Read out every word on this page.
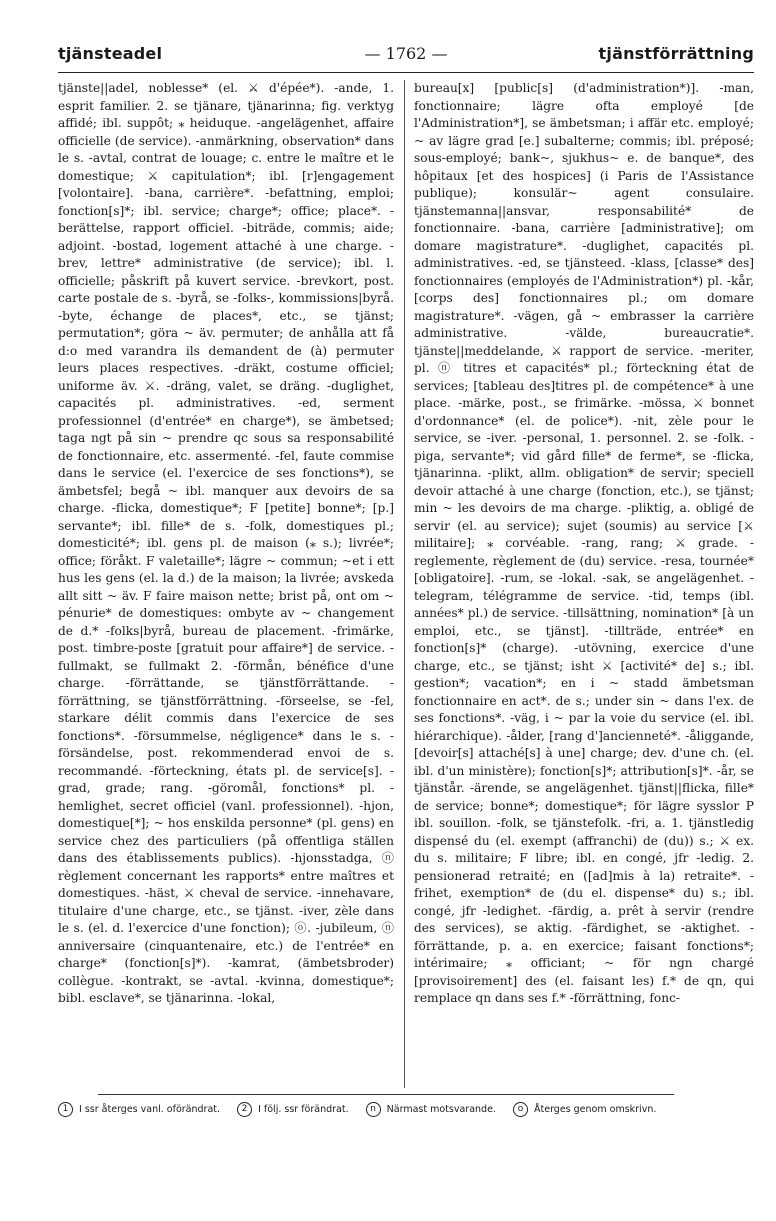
tjänsteadel	— 1762 —	tjänstförrättning

tjänste||adel, noblesse* (el. ⚔ d'épée*). -ande, 1. esprit familier. 2. se tjänare, tjänarinna; fig. verktyg affidé; ibl. suppôt; ⁎ heiduque. -angelägenhet, affaire officielle (de service). -anmärkning, observation* dans le s. -avtal, contrat de louage; c. entre le maître et le domestique; ⚔ capitulation*; ibl. [r]engagement [volontaire]. -bana, carrière*. -befattning, emploi; fonction[s]*; ibl. service; charge*; office; place*. -berättelse, rapport officiel. -biträde, commis; aide; adjoint. -bostad, logement attaché à une charge. -brev, lettre* administrative (de service); ibl. l. officielle; påskrift på kuvert service. -brevkort, post. carte postale de s. -byrå, se -folks-, kommissions|byrå. -byte, échange de places*, etc., se tjänst; permutation*; göra ~ äv. permuter; de anhålla att få d:o med varandra ils demandent de (à) permuter leurs places respectives. -dräkt, costume officiel; uniforme äv. ⚔. -dräng, valet, se dräng. -duglighet, capacités pl. administratives. -ed, serment professionnel (d'entrée* en charge*), se ämbetsed; taga ngt på sin ~ prendre qc sous sa responsabilité de fonctionnaire, etc. assermenté. -fel, faute commise dans le service (el. l'exercice de ses fonctions*), se ämbetsfel; begå ~ ibl. manquer aux devoirs de sa charge. -flicka, domestique*; F [petite] bonne*; [p.] servante*; ibl. fille* de s. -folk, domestiques pl.; domesticité*; ibl. gens pl. de maison (⁎ s.); livrée*; office; föråkt. F valetaille*; lägre ~ commun; ~et i ett hus les gens (el. la d.) de la maison; la livrée; avskeda allt sitt ~ äv. F faire maison nette; brist på, ont om ~ pénurie* de domestiques: ombyte av ~ changement de d.* -folks|byrå, bureau de placement. -frimärke, post. timbre-poste [gratuit pour affaire*] de service. -fullmakt, se fullmakt 2. -förmån, bénéfice d'une charge. -förrättande, se tjänstförrättande. -förrättning, se tjänstförrättning. -förseelse, se -fel, starkare délit commis dans l'exercice de ses fonctions*. -försummelse, négligence* dans le s. -försändelse, post. rekommenderad envoi de s. recommandé. -förteckning, états pl. de service[s]. -grad, grade; rang. -göromål, fonctions* pl. -hemlighet, secret officiel (vanl. professionnel). -hjon, domestique[*]; ~ hos enskilda personne* (pl. gens) en service chez des particuliers (på offentliga ställen dans des établissements publics). -hjonsstadga, ⓝ règlement concernant les rapports* entre maîtres et domestiques. -häst, ⚔ cheval de service. -innehavare, titulaire d'une charge, etc., se tjänst. -iver, zèle dans le s. (el. d. l'exercice d'une fonction); ⓞ. -jubileum, ⓝ anniversaire (cinquantenaire, etc.) de l'entrée* en charge* (fonction[s]*). -kamrat, (ämbetsbroder) collègue. -kontrakt, se -avtal. -kvinna, domestique*; bibl. esclave*, se tjänarinna. -lokal,

bureau[x] [public[s] (d'administration*)]. -man, fonctionnaire; lägre ofta employé [de l'Administration*], se ämbetsman; i affär etc. employé; ~ av lägre grad [e.] subalterne; commis; ibl. préposé; sous-employé; bank~, sjukhus~ e. de banque*, des hôpitaux [et des hospices] (i Paris de l'Assistance publique); konsulär~ agent consulaire. tjänstemanna||ansvar, responsabilité* de fonctionnaire. -bana, carrière [administrative]; om domare magistrature*. -duglighet, capacités pl. administratives. -ed, se tjänsteed. -klass, [classe* des] fonctionnaires (employés de l'Administration*) pl. -kår, [corps des] fonctionnaires pl.; om domare magistrature*. -vägen, gå ~ embrasser la carrière administrative. -välde, bureaucratie*. tjänste||meddelande, ⚔ rapport de service. -meriter, pl. ⓝ titres et capacités* pl.; förteckning état de services; [tableau des]titres pl. de compétence* à une place. -märke, post., se frimärke. -mössa, ⚔ bonnet d'ordonnance* (el. de police*). -nit, zèle pour le service, se -iver. -personal, 1. personnel. 2. se -folk. -piga, servante*; vid gård fille* de ferme*, se -flicka, tjänarinna. -plikt, allm. obligation* de servir; speciell devoir attaché à une charge (fonction, etc.), se tjänst; min ~ les devoirs de ma charge. -pliktig, a. obligé de servir (el. au service); sujet (soumis) au service [⚔ militaire]; ⁎ corvéable. -rang, rang; ⚔ grade. -reglemente, règlement de (du) service. -resa, tournée* [obligatoire]. -rum, se -lokal. -sak, se angelägenhet. -telegram, télégramme de service. -tid, temps (ibl. années* pl.) de service. -tillsättning, nomination* [à un emploi, etc., se tjänst]. -tillträde, entrée* en fonction[s]* (charge). -utövning, exercice d'une charge, etc., se tjänst; isht ⚔ [activité* de] s.; ibl. gestion*; vacation*; en i ~ stadd ämbetsman fonctionnaire en act*. de s.; under sin ~ dans l'ex. de ses fonctions*. -väg, i ~ par la voie du service (el. ibl. hiérarchique). -ålder, [rang d']ancienneté*. -åliggande, [devoir[s] attaché[s] à une] charge; dev. d'une ch. (el. ibl. d'un ministère); fonction[s]*; attribution[s]*. -år, se tjänstår. -ärende, se angelägenhet. tjänst||flicka, fille* de service; bonne*; domestique*; för lägre sysslor P ibl. souillon. -folk, se tjänstefolk. -fri, a. 1. tjänstledig dispensé du (el. exempt (affranchi) de (du)) s.; ⚔ ex. du s. militaire; F libre; ibl. en congé, jfr -ledig. 2. pensionerad retraité; en ([ad]mis à la) retraite*. -frihet, exemption* de (du el. dispense* du) s.; ibl. congé, jfr -ledighet. -färdig, a. prêt à servir (rendre des services), se aktig. -färdighet, se -aktighet. -förrättande, p. a. en exercice; faisant fonctions*; intérimaire; ⁎ officiant; ~ för ngn chargé [provisoirement] des (el. faisant les) f.* de qn, qui remplace qn dans ses f.* -förrättning, fonc-

1 I ssr återges vanl. oförändrat. 2 I följ. ssr förändrat. n Närmast motsvarande. o Återges genom omskrivn.
